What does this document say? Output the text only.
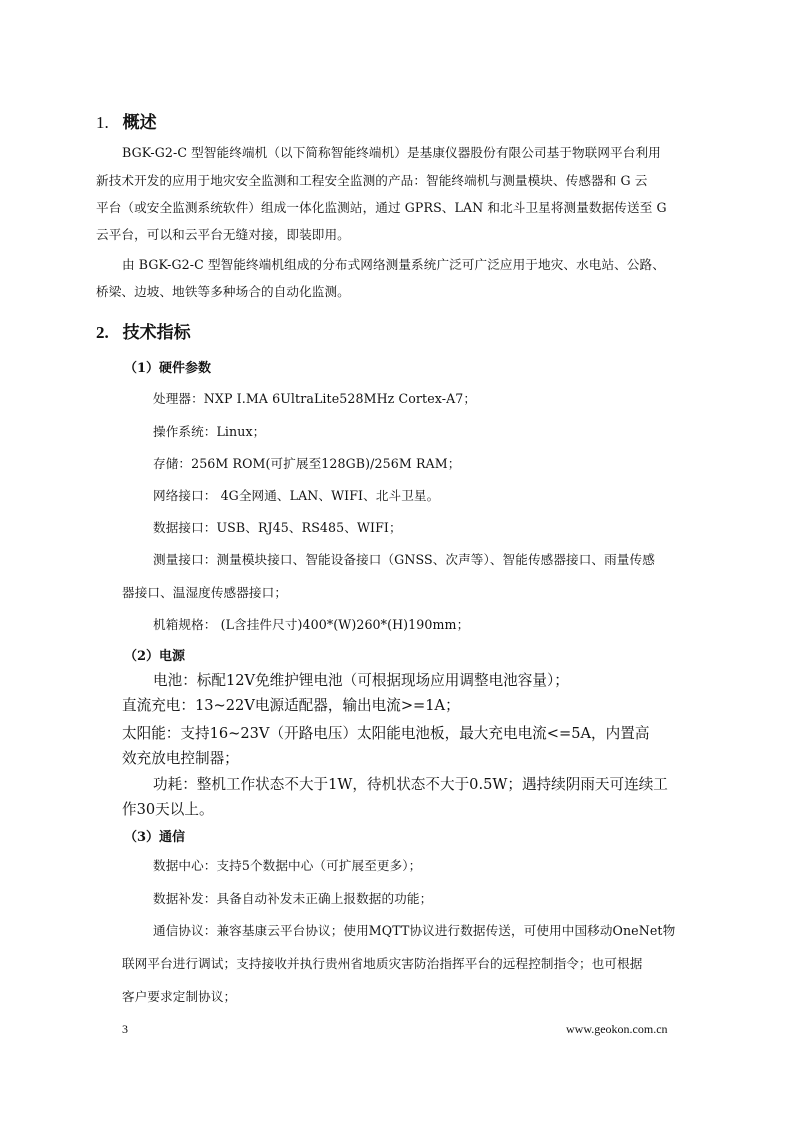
1. 概述
BGK-G2-C 型智能终端机（以下简称智能终端机）是基康仪器股份有限公司基于物联网平台利用
新技术开发的应用于地灾安全监测和工程安全监测的产品：智能终端机与测量模块、传感器和 G 云
平台（或安全监测系统软件）组成一体化监测站，通过 GPRS、LAN 和北斗卫星将测量数据传送至 G
云平台，可以和云平台无缝对接，即装即用。
由 BGK-G2-C 型智能终端机组成的分布式网络测量系统广泛可广泛应用于地灾、水电站、公路、
桥梁、边坡、地铁等多种场合的自动化监测。
2. 技术指标
（1）硬件参数
处理器：NXP I.MA 6UltraLite528MHz Cortex-A7；
操作系统：Linux；
存储：256M ROM(可扩展至128GB)/256M RAM；
网络接口： 4G全网通、LAN、WIFI、北斗卫星。
数据接口：USB、RJ45、RS485、WIFI；
测量接口：测量模块接口、智能设备接口（GNSS、次声等）、智能传感器接口、雨量传感
器接口、温湿度传感器接口；
机箱规格： (L含挂件尺寸)400*(W)260*(H)190mm；
（2）电源
电池：标配12V免维护锂电池（可根据现场应用调整电池容量）；
直流充电：13~22V电源适配器，输出电流>=1A；
太阳能：支持16~23V（开路电压）太阳能电池板，最大充电电流<=5A，内置高
效充放电控制器；
功耗：整机工作状态不大于1W，待机状态不大于0.5W；遇持续阴雨天可连续工
作30天以上。
（3）通信
数据中心：支持5个数据中心（可扩展至更多）；
数据补发：具备自动补发未正确上报数据的功能；
通信协议：兼容基康云平台协议；使用MQTT协议进行数据传送，可使用中国移动OneNet物
联网平台进行调试；支持接收并执行贵州省地质灾害防治指挥平台的远程控制指令；也可根据
客户要求定制协议；
3	www.geokon.com.cn
